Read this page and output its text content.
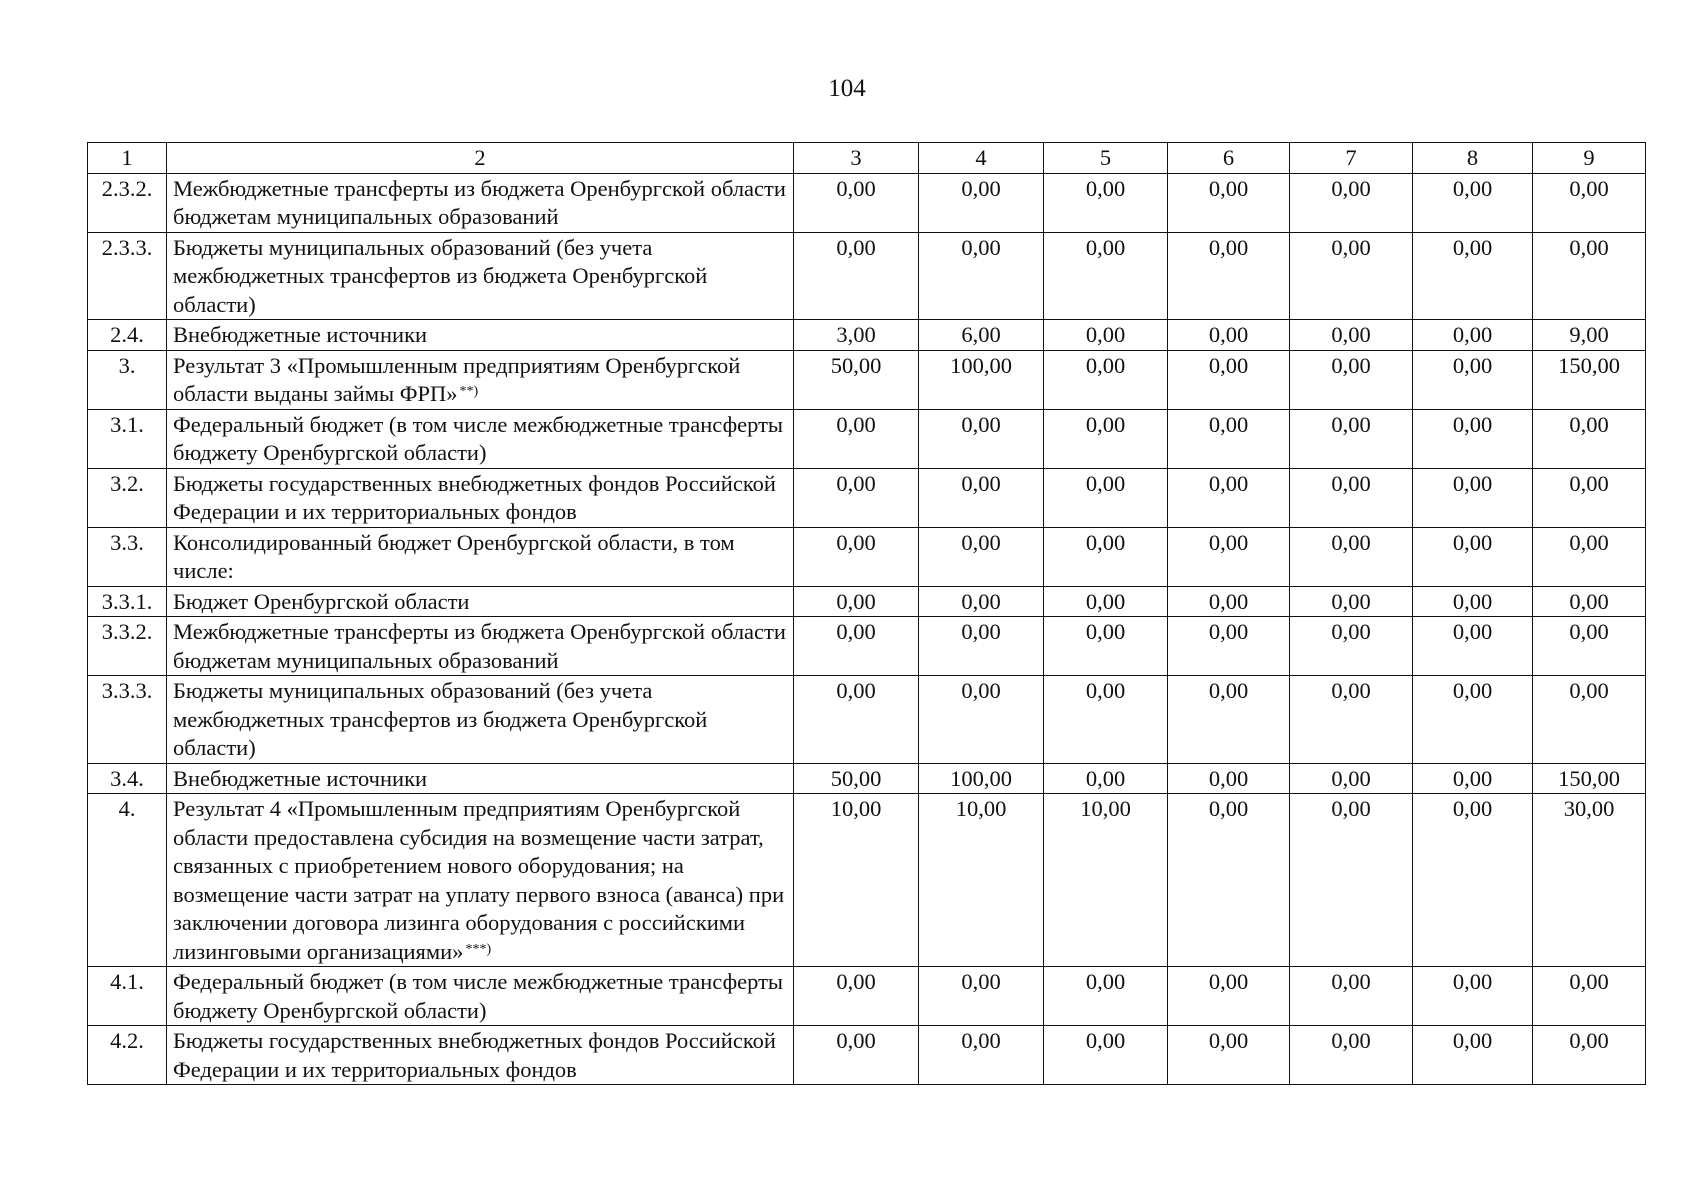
104
1	2	3	4	5	6	7	8	9
2.3.2.	Межбюджетные трансферты из бюджета Оренбургской области бюджетам муниципальных образований	0,00	0,00	0,00	0,00	0,00	0,00	0,00
2.3.3.	Бюджеты муниципальных образований (без учета межбюджетных трансфертов из бюджета Оренбургской области)	0,00	0,00	0,00	0,00	0,00	0,00	0,00
2.4.	Внебюджетные источники	3,00	6,00	0,00	0,00	0,00	0,00	9,00
3.	Результат 3 «Промышленным предприятиям Оренбургской области выданы займы ФРП» **)	50,00	100,00	0,00	0,00	0,00	0,00	150,00
3.1.	Федеральный бюджет (в том числе межбюджетные трансферты бюджету Оренбургской области)	0,00	0,00	0,00	0,00	0,00	0,00	0,00
3.2.	Бюджеты государственных внебюджетных фондов Российской Федерации и их территориальных фондов	0,00	0,00	0,00	0,00	0,00	0,00	0,00
3.3.	Консолидированный бюджет Оренбургской области, в том числе:	0,00	0,00	0,00	0,00	0,00	0,00	0,00
3.3.1.	Бюджет Оренбургской области	0,00	0,00	0,00	0,00	0,00	0,00	0,00
3.3.2.	Межбюджетные трансферты из бюджета Оренбургской области бюджетам муниципальных образований	0,00	0,00	0,00	0,00	0,00	0,00	0,00
3.3.3.	Бюджеты муниципальных образований (без учета межбюджетных трансфертов из бюджета Оренбургской области)	0,00	0,00	0,00	0,00	0,00	0,00	0,00
3.4.	Внебюджетные источники	50,00	100,00	0,00	0,00	0,00	0,00	150,00
4.	Результат 4 «Промышленным предприятиям Оренбургской области предоставлена субсидия на возмещение части затрат, связанных с приобретением нового оборудования; на возмещение части затрат на уплату первого взноса (аванса) при заключении договора лизинга оборудования с российскими лизинговыми организациями» ***)	10,00	10,00	10,00	0,00	0,00	0,00	30,00
4.1.	Федеральный бюджет (в том числе межбюджетные трансферты бюджету Оренбургской области)	0,00	0,00	0,00	0,00	0,00	0,00	0,00
4.2.	Бюджеты государственных внебюджетных фондов Российской Федерации и их территориальных фондов	0,00	0,00	0,00	0,00	0,00	0,00	0,00
